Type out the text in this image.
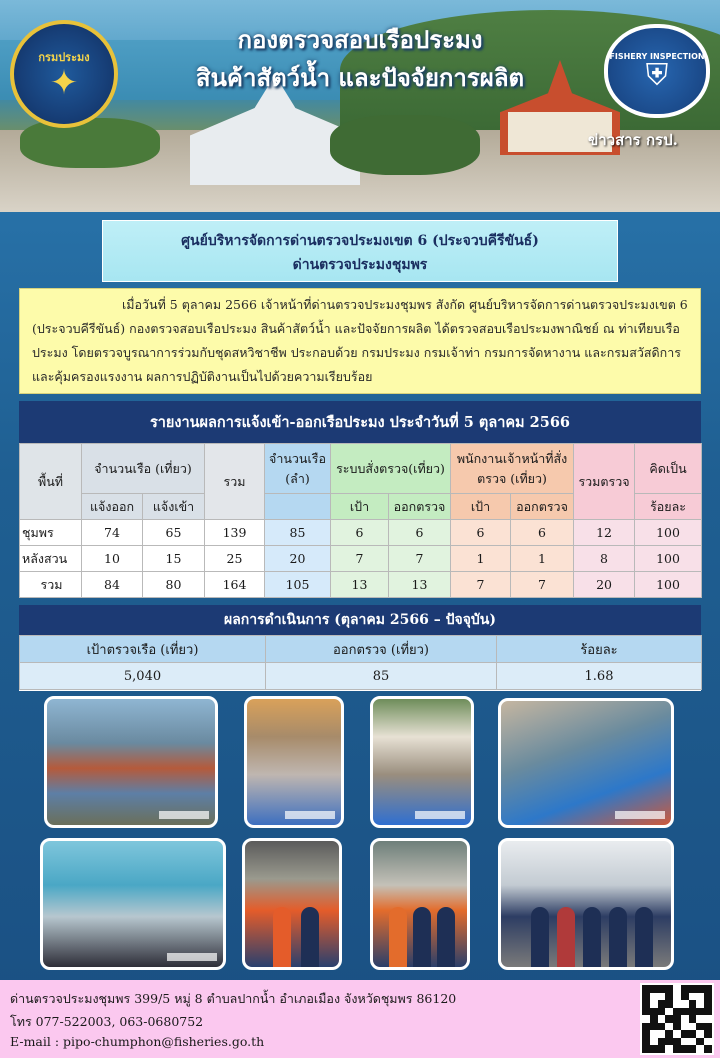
กรมประมง
✦
กองตรวจสอบเรือประมง
สินค้าสัตว์น้ำ และปัจจัยการผลิต
FISHERY INSPECTION
⛨
ข่าวสาร กรป.
ศูนย์บริหารจัดการด่านตรวจประมงเขต 6 (ประจวบคีรีขันธ์)
ด่านตรวจประมงชุมพร
เมื่อวันที่ 5 ตุลาคม 2566 เจ้าหน้าที่ด่านตรวจประมงชุมพร สังกัด ศูนย์บริหารจัดการด่านตรวจประมงเขต 6 (ประจวบคีรีขันธ์) กองตรวจสอบเรือประมง สินค้าสัตว์น้ำ และปัจจัยการผลิต ได้ตรวจสอบเรือประมงพาณิชย์ ณ ท่าเทียบเรือประมง โดยตรวจบูรณาการร่วมกับชุดสหวิชาชีพ ประกอบด้วย กรมประมง กรมเจ้าท่า กรมการจัดหางาน และกรมสวัสดิการและคุ้มครองแรงงาน ผลการปฏิบัติงานเป็นไปด้วยความเรียบร้อย
รายงานผลการแจ้งเข้า-ออกเรือประมง ประจำวันที่ 5 ตุลาคม 2566
พื้นที่	จำนวนเรือ (เที่ยว)		รวม	จำนวนเรือ (ลำ)	ระบบสั่งตรวจ(เที่ยว)		พนักงานเจ้าหน้าที่สั่งตรวจ (เที่ยว)		รวมตรวจ	คิดเป็น
	แจ้งออก	แจ้งเข้า			เป้า	ออกตรวจ	เป้า	ออกตรวจ		ร้อยละ
ชุมพร	74	65	139	85	6	6	6	6	12	100
หลังสวน	10	15	25	20	7	7	1	1	8	100
รวม	84	80	164	105	13	13	7	7	20	100
ผลการดำเนินการ (ตุลาคม 2566 – ปัจจุบัน)
เป้าตรวจเรือ (เที่ยว)	ออกตรวจ (เที่ยว)	ร้อยละ
5,040	85	1.68
ด่านตรวจประมงชุมพร 399/5 หมู่ 8 ตำบลปากน้ำ อำเภอเมือง จังหวัดชุมพร 86120
โทร 077-522003, 063-0680752
E-mail : pipo-chumphon@fisheries.go.th
